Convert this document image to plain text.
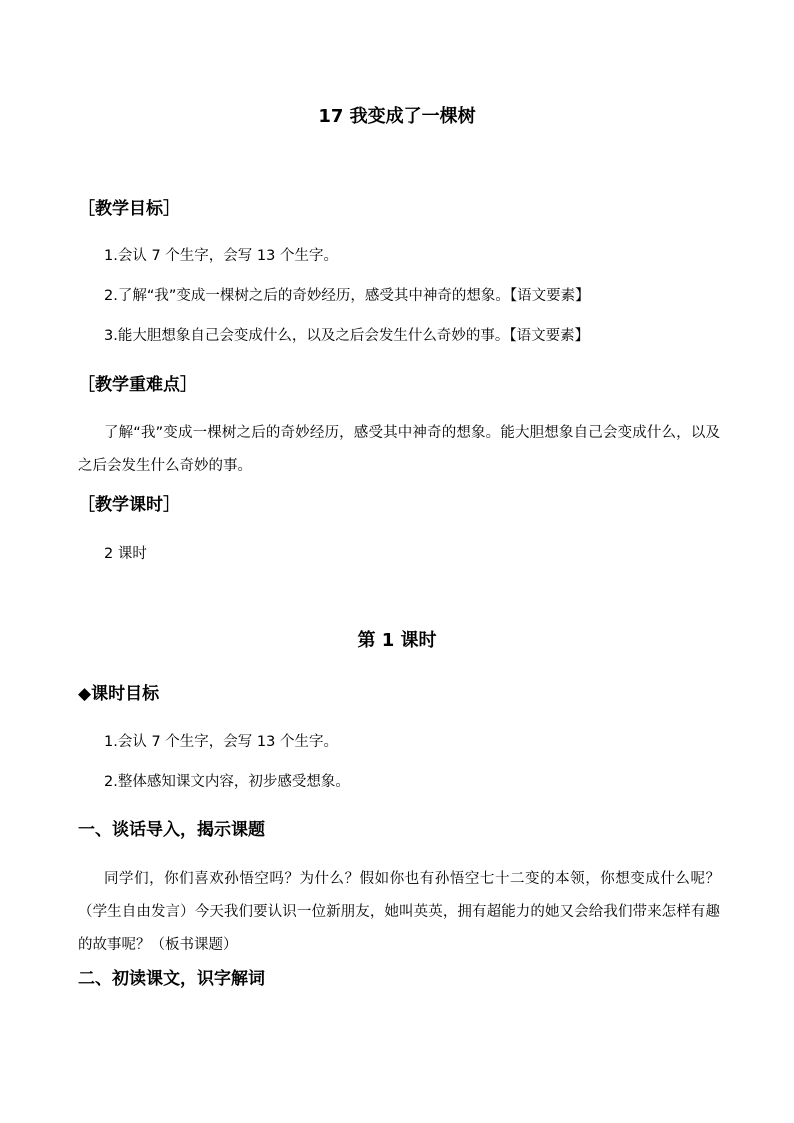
17 我变成了一棵树
［教学目标］
1.会认 7 个生字，会写 13 个生字。
2.了解“我”变成一棵树之后的奇妙经历，感受其中神奇的想象。【语文要素】
3.能大胆想象自己会变成什么，以及之后会发生什么奇妙的事。【语文要素】
［教学重难点］
了解“我”变成一棵树之后的奇妙经历，感受其中神奇的想象。能大胆想象自己会变成什么，以及之后会发生什么奇妙的事。
［教学课时］
2 课时
第 1 课时
◆课时目标
1.会认 7 个生字，会写 13 个生字。
2.整体感知课文内容，初步感受想象。
一、谈话导入，揭示课题
同学们，你们喜欢孙悟空吗？为什么？假如你也有孙悟空七十二变的本领，你想变成什么呢？（学生自由发言）今天我们要认识一位新朋友，她叫英英，拥有超能力的她又会给我们带来怎样有趣的故事呢？（板书课题）
二、初读课文，识字解词
